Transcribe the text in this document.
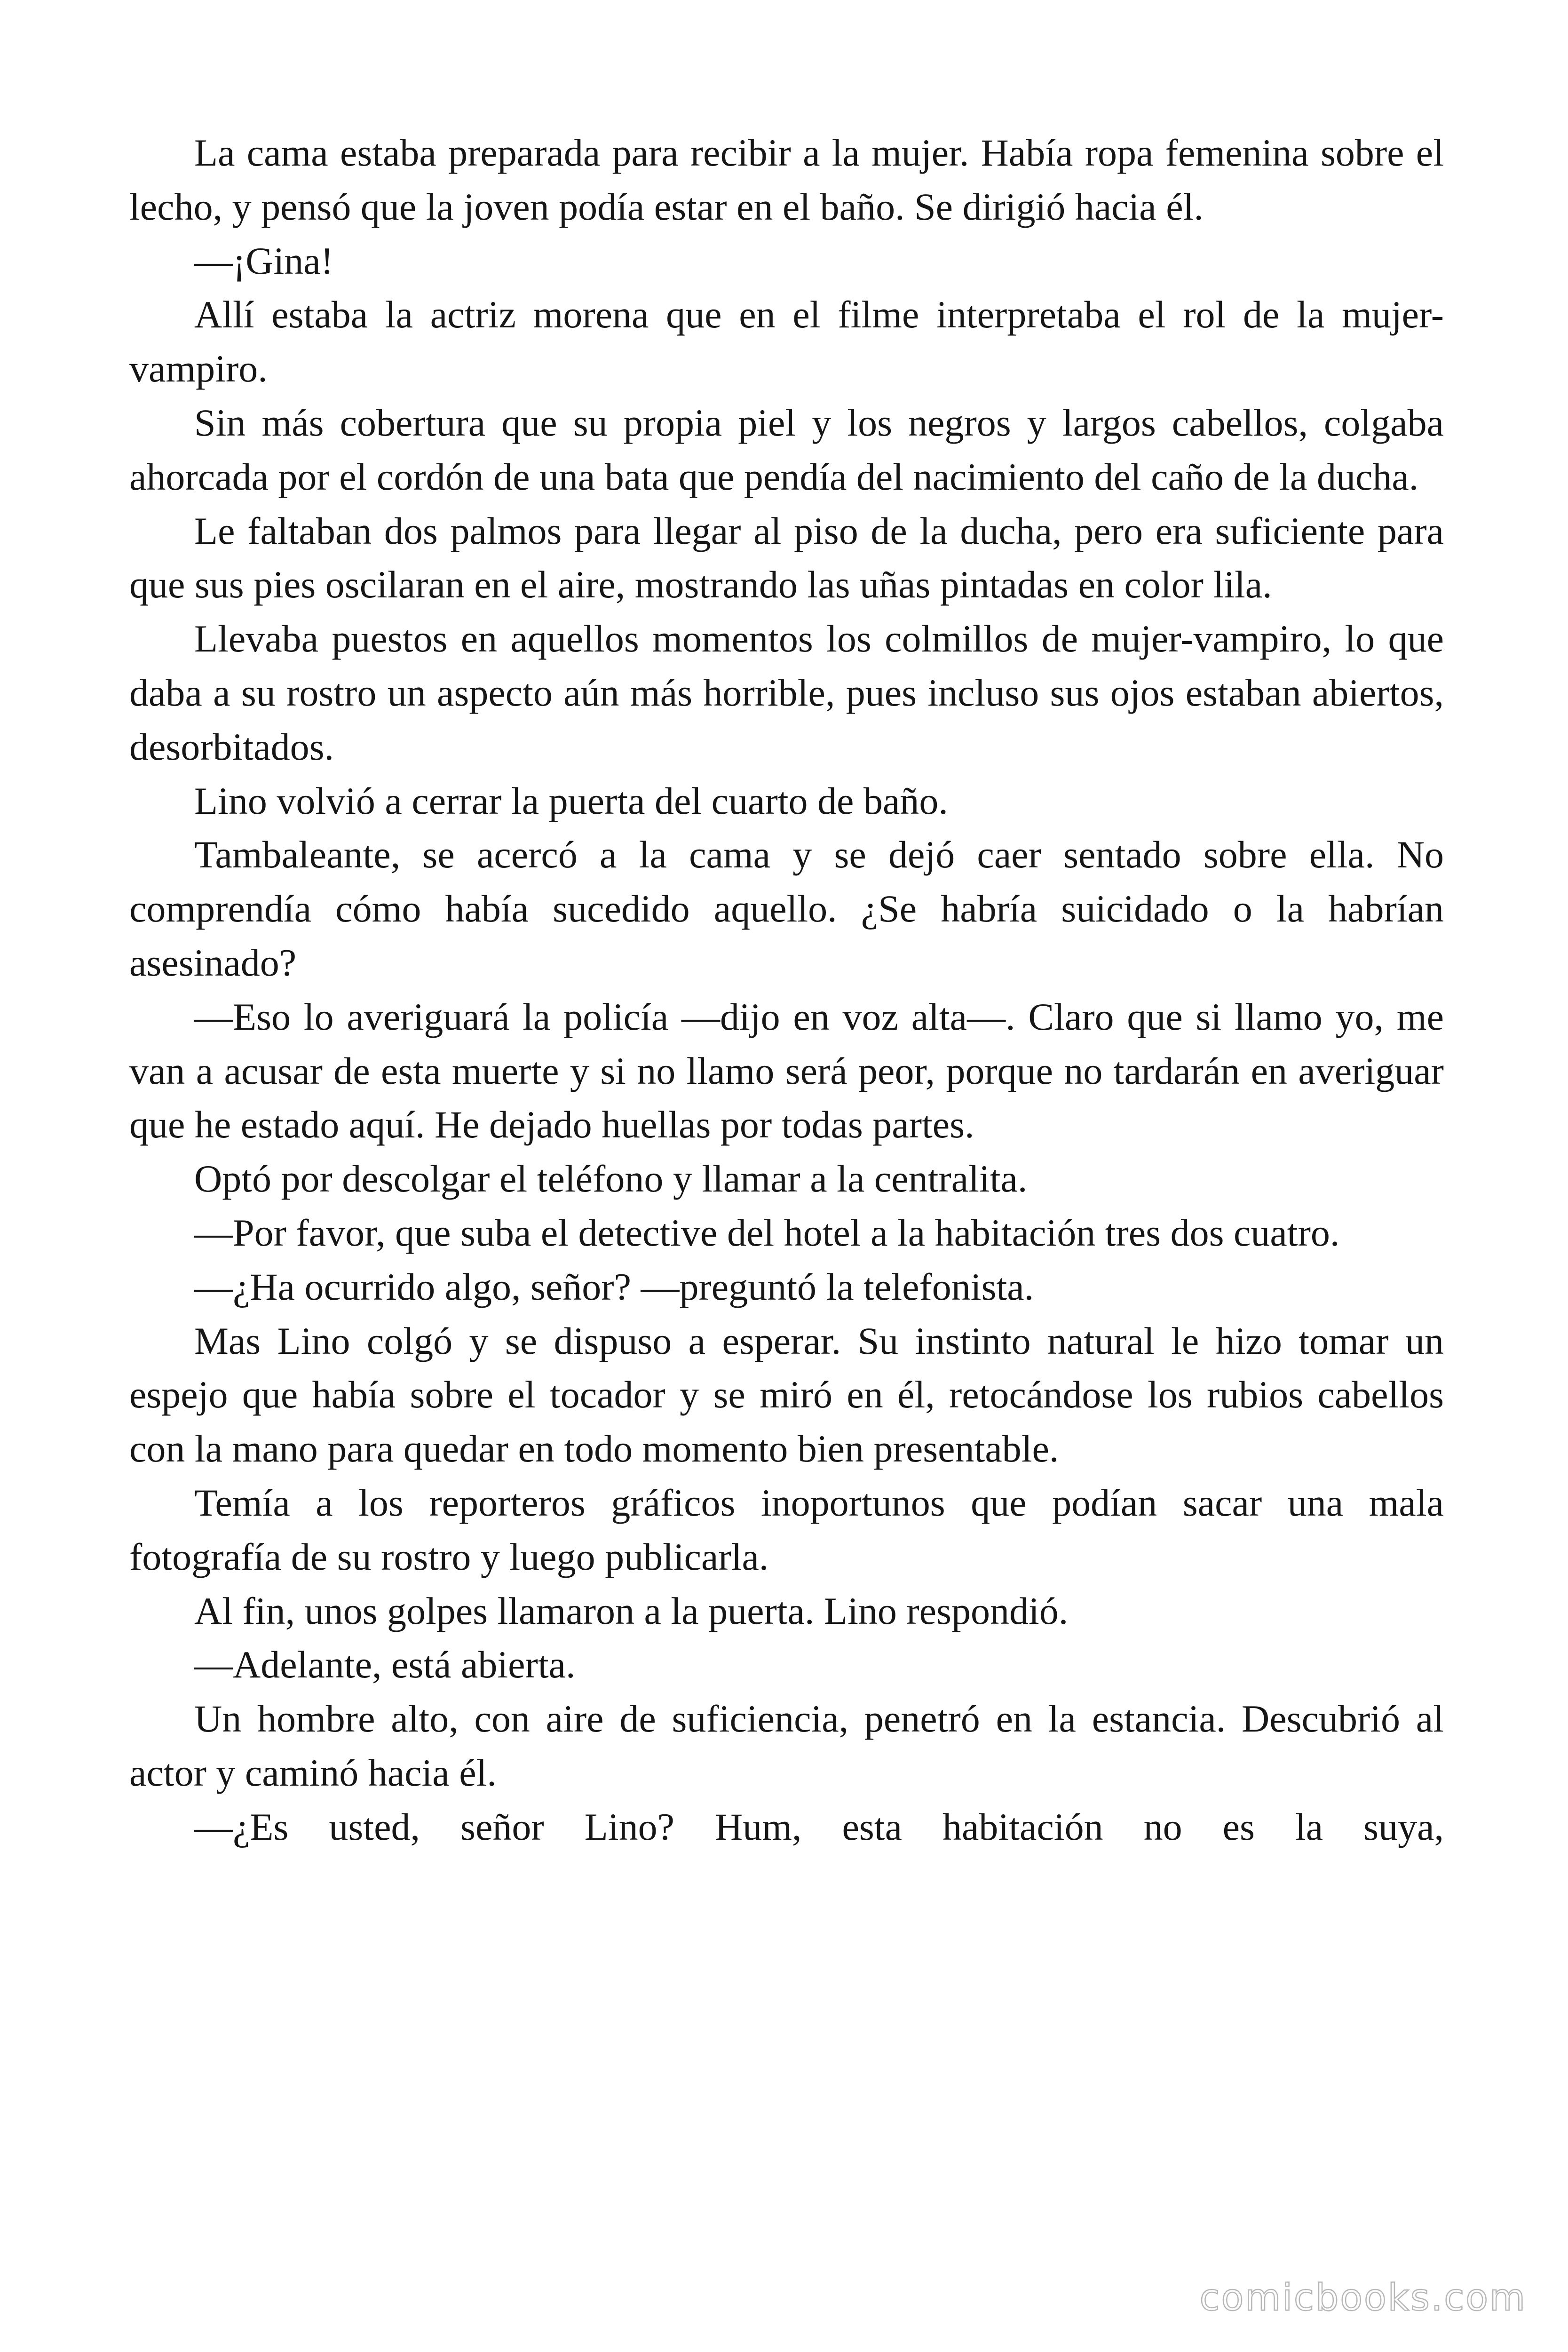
La cama estaba preparada para recibir a la mujer. Había ropa femenina sobre el lecho, y pensó que la joven podía estar en el baño. Se dirigió hacia él.

—¡Gina!

Allí estaba la actriz morena que en el filme interpretaba el rol de la mujer-vampiro.

Sin más cobertura que su propia piel y los negros y largos cabellos, colgaba ahorcada por el cordón de una bata que pendía del nacimiento del caño de la ducha.

Le faltaban dos palmos para llegar al piso de la ducha, pero era suficiente para que sus pies oscilaran en el aire, mostrando las uñas pintadas en color lila.

Llevaba puestos en aquellos momentos los colmillos de mujer-vampiro, lo que daba a su rostro un aspecto aún más horrible, pues incluso sus ojos estaban abiertos, desorbitados.

Lino volvió a cerrar la puerta del cuarto de baño.

Tambaleante, se acercó a la cama y se dejó caer sentado sobre ella. No comprendía cómo había sucedido aquello. ¿Se habría suicidado o la habrían asesinado?

—Eso lo averiguará la policía —dijo en voz alta—. Claro que si llamo yo, me van a acusar de esta muerte y si no llamo será peor, porque no tardarán en averiguar que he estado aquí. He dejado huellas por todas partes.

Optó por descolgar el teléfono y llamar a la centralita.

—Por favor, que suba el detective del hotel a la habitación tres dos cuatro.

—¿Ha ocurrido algo, señor? —preguntó la telefonista.

Mas Lino colgó y se dispuso a esperar. Su instinto natural le hizo tomar un espejo que había sobre el tocador y se miró en él, retocándose los rubios cabellos con la mano para quedar en todo momento bien presentable.

Temía a los reporteros gráficos inoportunos que podían sacar una mala fotografía de su rostro y luego publicarla.

Al fin, unos golpes llamaron a la puerta. Lino respondió.

—Adelante, está abierta.

Un hombre alto, con aire de suficiencia, penetró en la estancia. Descubrió al actor y caminó hacia él.

—¿Es usted, señor Lino? Hum, esta habitación no es la suya,

comicbooks.com
